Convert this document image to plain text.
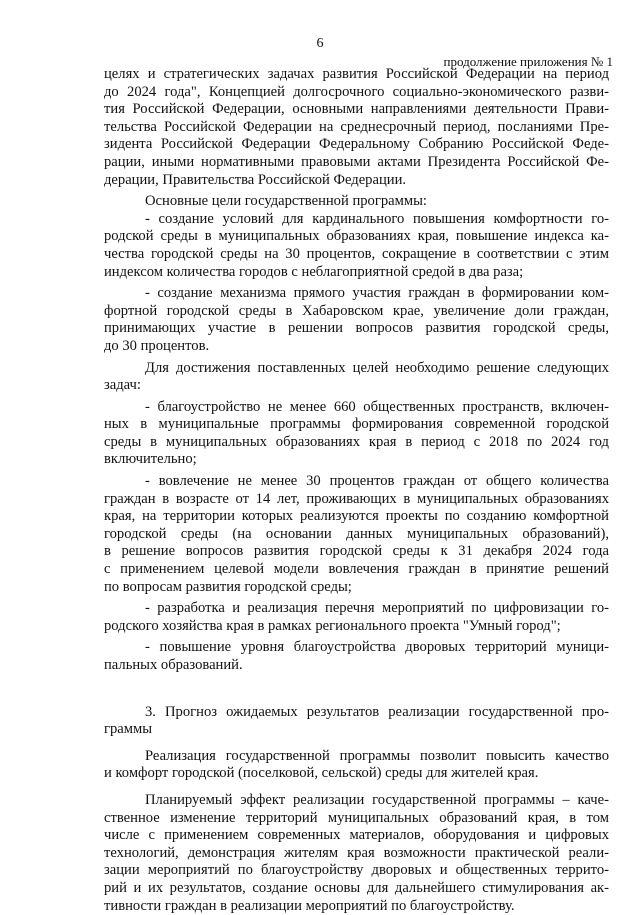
6
продолжение приложения № 1
целях и стратегических задачах развития Российской Федерации на период
до 2024 года", Концепцией долгосрочного социально-экономического разви-
тия Российской Федерации, основными направлениями деятельности Прави-
тельства Российской Федерации на среднесрочный период, посланиями Пре-
зидента Российской Федерации Федеральному Собранию Российской Феде-
рации, иными нормативными правовыми актами Президента Российской Фе-
дерации, Правительства Российской Федерации.
Основные цели государственной программы:
- создание условий для кардинального повышения комфортности го-
родской среды в муниципальных образованиях края, повышение индекса ка-
чества городской среды на 30 процентов, сокращение в соответствии с этим
индексом количества городов с неблагоприятной средой в два раза;
- создание механизма прямого участия граждан в формировании ком-
фортной городской среды в Хабаровском крае, увеличение доли граждан,
принимающих участие в решении вопросов развития городской среды,
до 30 процентов.
Для достижения поставленных целей необходимо решение следующих
задач:
- благоустройство не менее 660 общественных пространств, включен-
ных в муниципальные программы формирования современной городской
среды в муниципальных образованиях края в период с 2018 по 2024 год
включительно;
- вовлечение не менее 30 процентов граждан от общего количества
граждан в возрасте от 14 лет, проживающих в муниципальных образованиях
края, на территории которых реализуются проекты по созданию комфортной
городской среды (на основании данных муниципальных образований),
в решение вопросов развития городской среды к 31 декабря 2024 года
с применением целевой модели вовлечения граждан в принятие решений
по вопросам развития городской среды;
- разработка и реализация перечня мероприятий по цифровизации го-
родского хозяйства края в рамках регионального проекта "Умный город";
- повышение уровня благоустройства дворовых территорий муници-
пальных образований.
3. Прогноз ожидаемых результатов реализации государственной про-
граммы
Реализация государственной программы позволит повысить качество
и комфорт городской (поселковой, сельской) среды для жителей края.
Планируемый эффект реализации государственной программы – каче-
ственное изменение территорий муниципальных образований края, в том
числе с применением современных материалов, оборудования и цифровых
технологий, демонстрация жителям края возможности практической реали-
зации мероприятий по благоустройству дворовых и общественных террито-
рий и их результатов, создание основы для дальнейшего стимулирования ак-
тивности граждан в реализации мероприятий по благоустройству.
